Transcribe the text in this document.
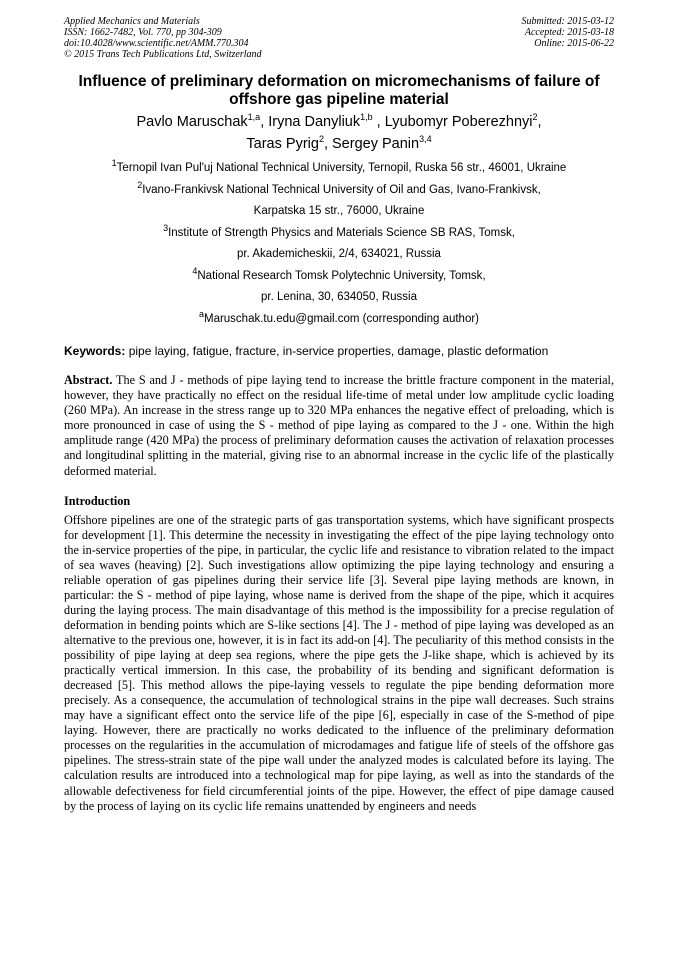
Applied Mechanics and Materials
ISSN: 1662-7482, Vol. 770, pp 304-309
doi:10.4028/www.scientific.net/AMM.770.304
© 2015 Trans Tech Publications Ltd, Switzerland
Submitted: 2015-03-12
Accepted: 2015-03-18
Online: 2015-06-22
Influence of preliminary deformation on micromechanisms of failure of offshore gas pipeline material
Pavlo Maruschak$^{1,a}$, Iryna Danyliuk$^{1,b}$ , Lyubomyr Poberezhnyi$^2$,
Taras Pyrig$^2$, Sergey Panin$^{3,4}$
$^1$Ternopil Ivan Pul'uj National Technical University, Ternopil, Ruska 56 str., 46001, Ukraine
$^2$Ivano-Frankivsk National Technical University of Oil and Gas, Ivano-Frankivsk,
Karpatska 15 str., 76000, Ukraine
$^3$Institute of Strength Physics and Materials Science SB RAS, Tomsk,
pr. Akademicheskii, 2/4, 634021, Russia
$^4$National Research Tomsk Polytechnic University, Tomsk,
pr. Lenina, 30, 634050, Russia
$^a$Maruschak.tu.edu@gmail.com (corresponding author)
Keywords: pipe laying, fatigue, fracture, in-service properties, damage, plastic deformation
Abstract. The S and J - methods of pipe laying tend to increase the brittle fracture component in the material, however, they have practically no effect on the residual life-time of metal under low amplitude cyclic loading (260 MPa). An increase in the stress range up to 320 MPa enhances the negative effect of preloading, which is more pronounced in case of using the S - method of pipe laying as compared to the J - one. Within the high amplitude range (420 MPa) the process of preliminary deformation causes the activation of relaxation processes and longitudinal splitting in the material, giving rise to an abnormal increase in the cyclic life of the plastically deformed material.
Introduction
Offshore pipelines are one of the strategic parts of gas transportation systems, which have significant prospects for development [1]. This determine the necessity in investigating the effect of the pipe laying technology onto the in-service properties of the pipe, in particular, the cyclic life and resistance to vibration related to the impact of sea waves (heaving) [2]. Such investigations allow optimizing the pipe laying technology and ensuring a reliable operation of gas pipelines during their service life [3]. Several pipe laying methods are known, in particular: the S - method of pipe laying, whose name is derived from the shape of the pipe, which it acquires during the laying process. The main disadvantage of this method is the impossibility for a precise regulation of deformation in bending points which are S-like sections [4]. The J - method of pipe laying was developed as an alternative to the previous one, however, it is in fact its add-on [4]. The peculiarity of this method consists in the possibility of pipe laying at deep sea regions, where the pipe gets the J-like shape, which is achieved by its practically vertical immersion. In this case, the probability of its bending and significant deformation is decreased [5]. This method allows the pipe-laying vessels to regulate the pipe bending deformation more precisely. As a consequence, the accumulation of technological strains in the pipe wall decreases. Such strains may have a significant effect onto the service life of the pipe [6], especially in case of the S-method of pipe laying. However, there are practically no works dedicated to the influence of the preliminary deformation processes on the regularities in the accumulation of microdamages and fatigue life of steels of the offshore gas pipelines. The stress-strain state of the pipe wall under the analyzed modes is calculated before its laying. The calculation results are introduced into a technological map for pipe laying, as well as into the standards of the allowable defectiveness for field circumferential joints of the pipe. However, the effect of pipe damage caused by the process of laying on its cyclic life remains unattended by engineers and needs
